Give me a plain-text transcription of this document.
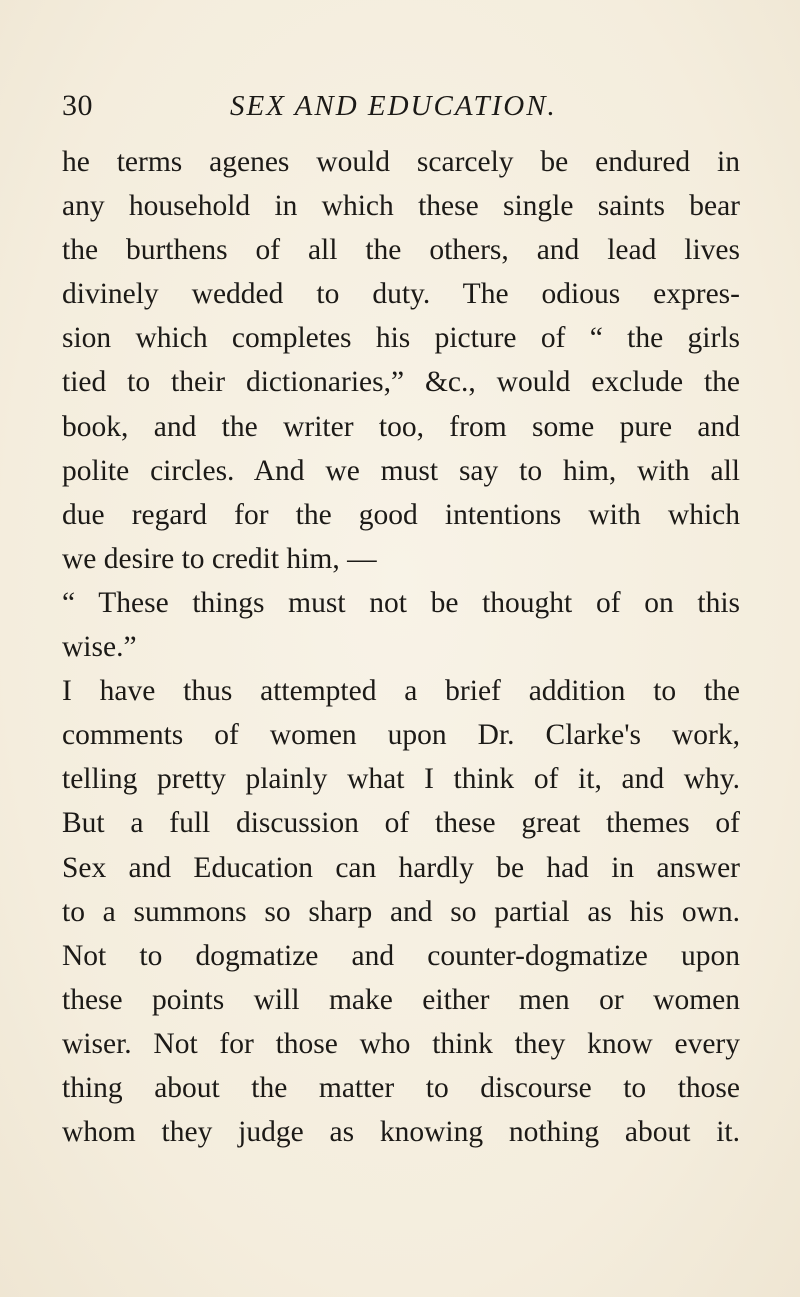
30	SEX AND EDUCATION.
he terms agenes would scarcely be endured in
any household in which these single saints bear
the burthens of all the others, and lead lives
divinely wedded to duty. The odious expres-
sion which completes his picture of “ the girls
tied to their dictionaries,” &c., would exclude the
book, and the writer too, from some pure and
polite circles. And we must say to him, with all
due regard for the good intentions with which
we desire to credit him, —
“ These things must not be thought of on this
wise.”
I have thus attempted a brief addition to the
comments of women upon Dr. Clarke's work,
telling pretty plainly what I think of it, and why.
But a full discussion of these great themes of
Sex and Education can hardly be had in answer
to a summons so sharp and so partial as his own.
Not to dogmatize and counter-dogmatize upon
these points will make either men or women
wiser. Not for those who think they know every
thing about the matter to discourse to those
whom they judge as knowing nothing about it.
